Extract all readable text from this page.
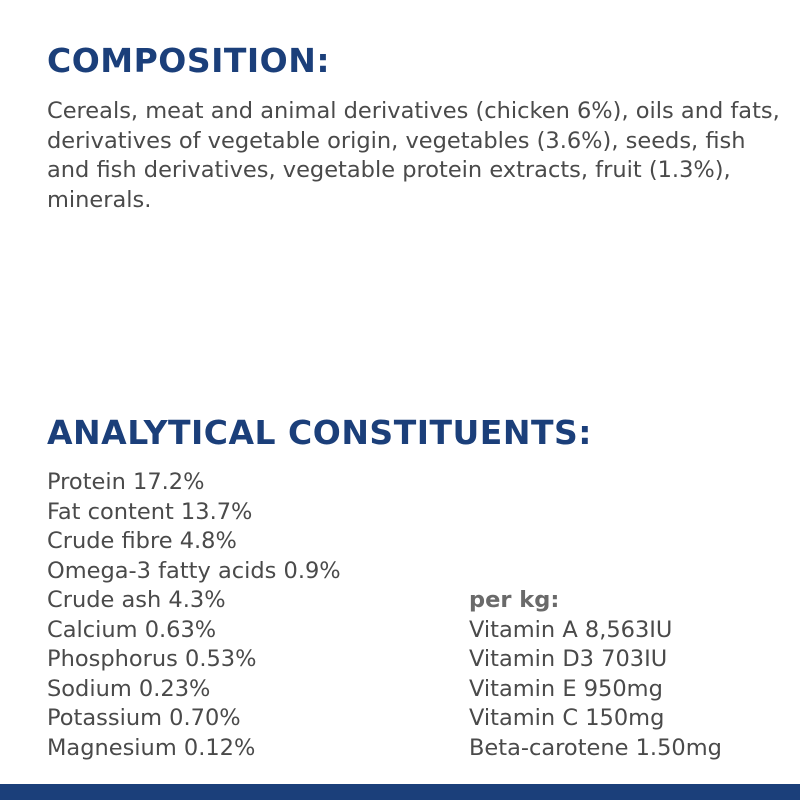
COMPOSITION:

Cereals, meat and animal derivatives (chicken 6%), oils and fats, derivatives of vegetable origin, vegetables (3.6%), seeds, fish and fish derivatives, vegetable protein extracts, fruit (1.3%), minerals.

ANALYTICAL CONSTITUENTS:
Protein 17.2%
Fat content 13.7%
Crude fibre 4.8%
Omega-3 fatty acids 0.9%
Crude ash 4.3%
Calcium 0.63%
Phosphorus 0.53%
Sodium 0.23%
Potassium 0.70%
Magnesium 0.12%
per kg:
Vitamin A 8,563IU
Vitamin D3 703IU
Vitamin E 950mg
Vitamin C 150mg
Beta-carotene 1.50mg
